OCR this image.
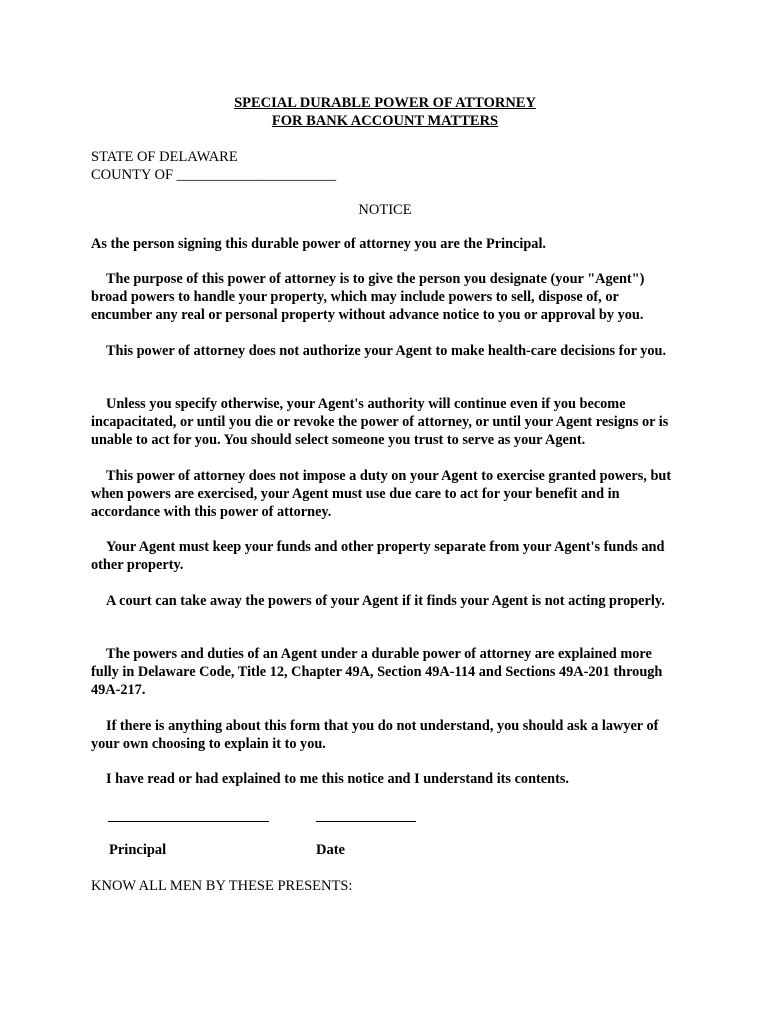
SPECIAL DURABLE POWER OF ATTORNEY
FOR BANK ACCOUNT MATTERS
STATE OF DELAWARE
COUNTY OF ______________________
NOTICE
As the person signing this durable power of attorney you are the Principal.
The purpose of this power of attorney is to give the person you designate (your "Agent") broad powers to handle your property, which may include powers to sell, dispose of, or encumber any real or personal property without advance notice to you or approval by you.
This power of attorney does not authorize your Agent to make health-care decisions for you.
Unless you specify otherwise, your Agent's authority will continue even if you become incapacitated, or until you die or revoke the power of attorney, or until your Agent resigns or is unable to act for you. You should select someone you trust to serve as your Agent.
This power of attorney does not impose a duty on your Agent to exercise granted powers, but when powers are exercised, your Agent must use due care to act for your benefit and in accordance with this power of attorney.
Your Agent must keep your funds and other property separate from your Agent's funds and other property.
A court can take away the powers of your Agent if it finds your Agent is not acting properly.
The powers and duties of an Agent under a durable power of attorney are explained more fully in Delaware Code, Title 12, Chapter 49A, Section 49A-114 and Sections 49A-201 through 49A-217.
If there is anything about this form that you do not understand, you should ask a lawyer of your own choosing to explain it to you.
I have read or had explained to me this notice and I understand its contents.
Principal	Date
KNOW ALL MEN BY THESE PRESENTS:
